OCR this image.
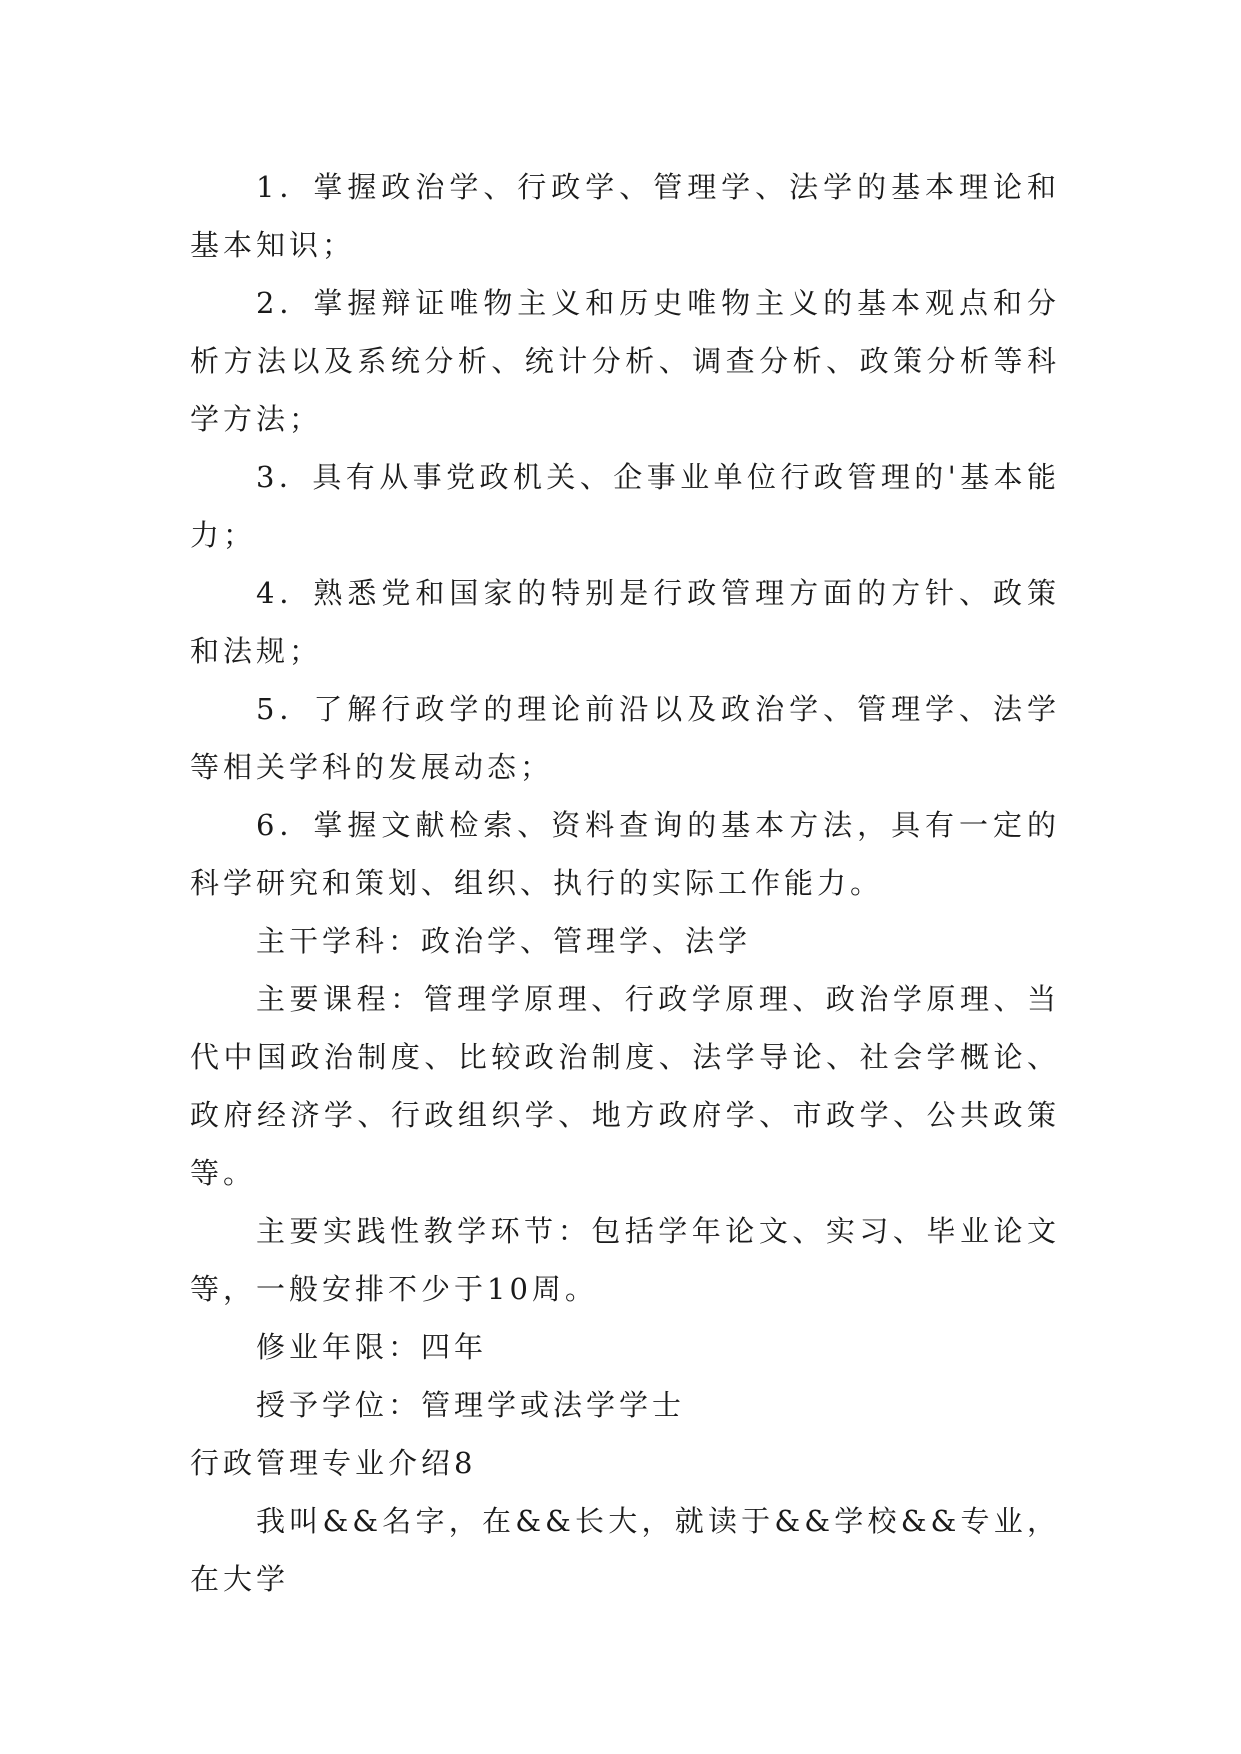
1．掌握政治学、行政学、管理学、法学的基本理论和基本知识；

2．掌握辩证唯物主义和历史唯物主义的基本观点和分析方法以及系统分析、统计分析、调查分析、政策分析等科学方法；

3．具有从事党政机关、企事业单位行政管理的'基本能力；

4．熟悉党和国家的特别是行政管理方面的方针、政策和法规；

5．了解行政学的理论前沿以及政治学、管理学、法学等相关学科的发展动态；

6．掌握文献检索、资料查询的基本方法，具有一定的科学研究和策划、组织、执行的实际工作能力。

主干学科：政治学、管理学、法学

主要课程：管理学原理、行政学原理、政治学原理、当代中国政治制度、比较政治制度、法学导论、社会学概论、政府经济学、行政组织学、地方政府学、市政学、公共政策等。

主要实践性教学环节：包括学年论文、实习、毕业论文等，一般安排不少于10周。

修业年限：四年

授予学位：管理学或法学学士

行政管理专业介绍8

我叫&&名字，在&&长大，就读于&&学校&&专业，在大学
